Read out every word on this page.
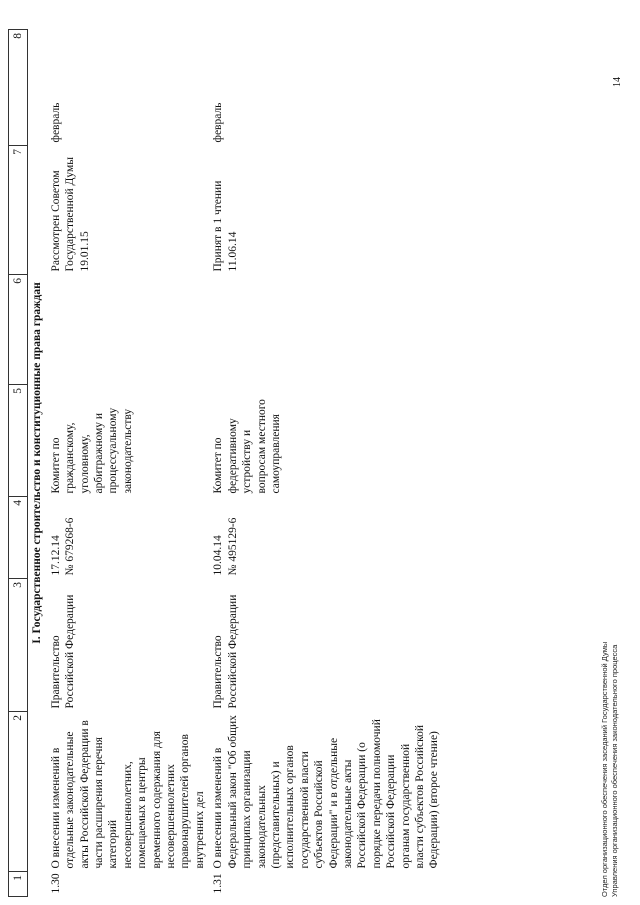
1	2	3	4	5	6	7	8
I. Государственное строительство и конституционные права граждан							
1.30	О внесении изменений в отдельные законодательные акты Российской Федерации в части расширения перечня категорий несовершеннолетних, помещаемых в центры временного содержания для несовершеннолетних правонарушителей органов внутренних дел	Правительство Российской Федерации	17.12.14 № 679268-6	Комитет по гражданскому, уголовному, арбитражному и процессуальному законодательству		Рассмотрен Советом Государственной Думы 19.01.15	февраль
1.31	О внесении изменений в Федеральный закон "Об общих принципах организации законодательных (представительных) и исполнительных органов государственной власти субъектов Российской Федерации" и в отдельные законодательные акты Российской Федерации (о порядке передачи полномочий Российской Федерации органам государственной власти субъектов Российской Федерации) (второе чтение)	Правительство Российской Федерации	10.04.14 № 495129-6	Комитет по федеративному устройству и вопросам местного самоуправления		Принят в 1 чтении 11.06.14	февраль
Отдел организационного обеспечения заседаний Государственной Думы Управления организационного обеспечения законодательного процесса
14
